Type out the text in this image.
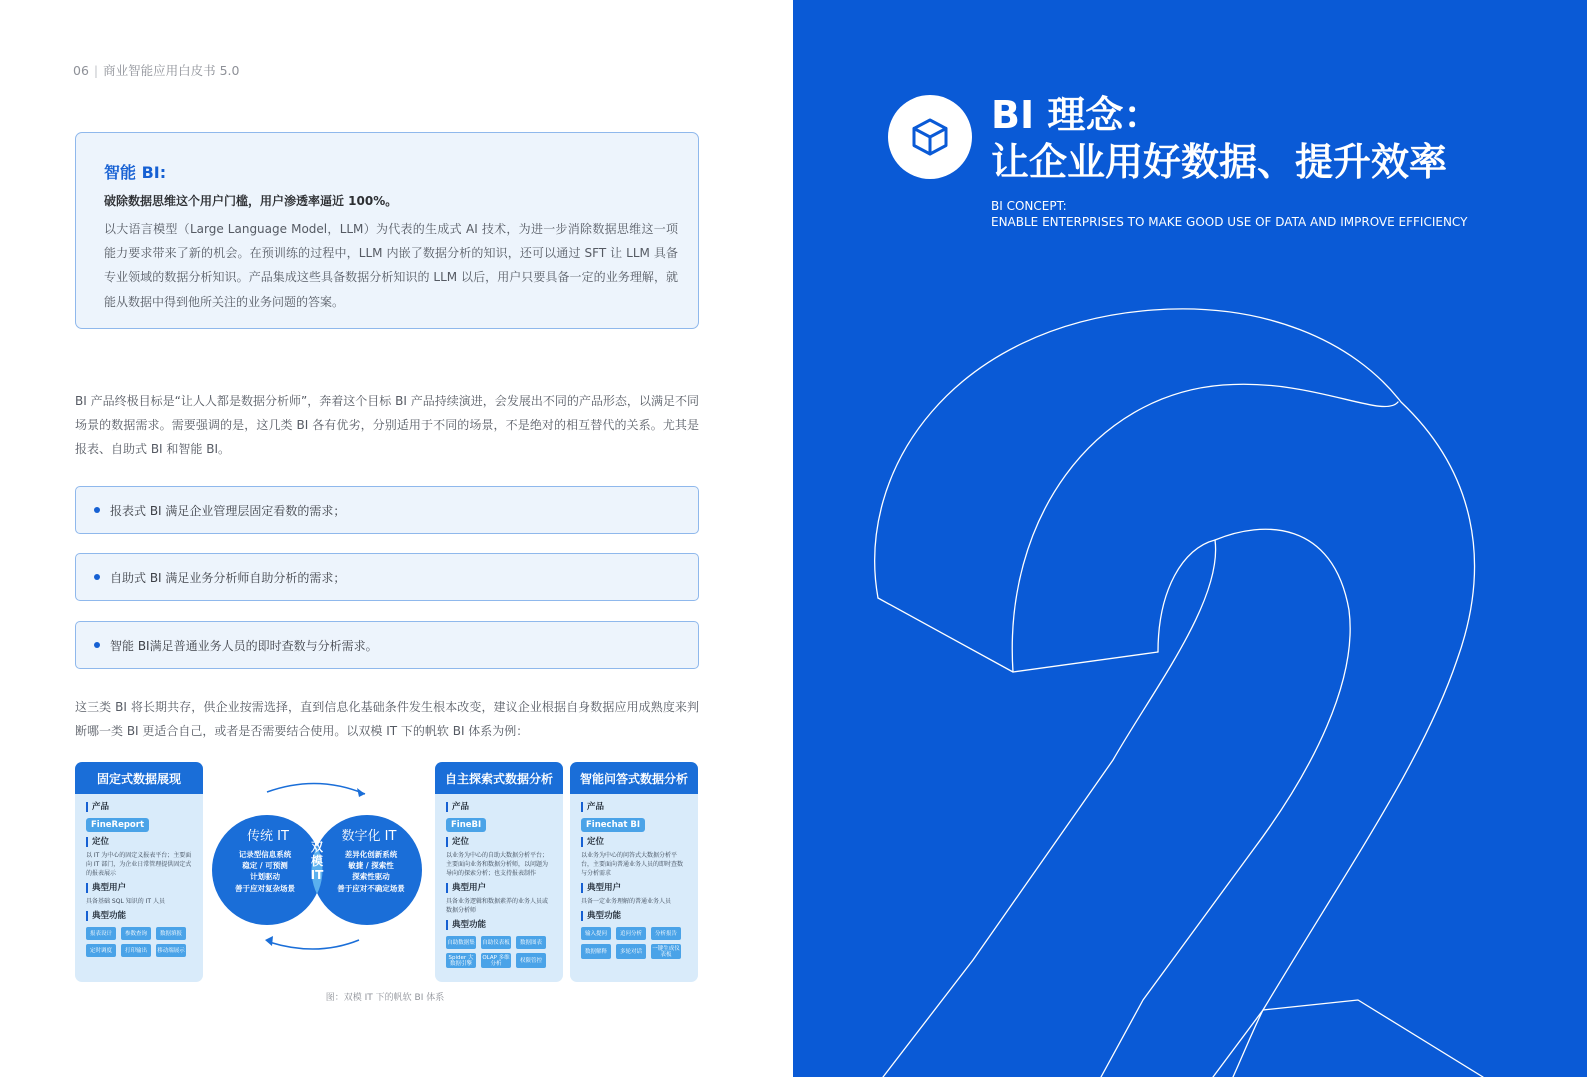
06 | 商业智能应用白皮书 5.0
智能 BI:
破除数据思维这个用户门槛，用户渗透率逼近 100%。
以大语言模型（Large Language Model，LLM）为代表的生成式 AI 技术，为进一步消除数据思维这一项能力要求带来了新的机会。在预训练的过程中，LLM 内嵌了数据分析的知识，还可以通过 SFT 让 LLM 具备专业领域的数据分析知识。产品集成这些具备数据分析知识的 LLM 以后，用户只要具备一定的业务理解，就能从数据中得到他所关注的业务问题的答案。
BI 产品终极目标是“让人人都是数据分析师”，奔着这个目标 BI 产品持续演进，会发展出不同的产品形态，以满足不同场景的数据需求。需要强调的是，这几类 BI 各有优劣，分别适用于不同的场景，不是绝对的相互替代的关系。尤其是报表、自助式 BI 和智能 BI。
报表式 BI 满足企业管理层固定看数的需求；
自助式 BI 满足业务分析师自助分析的需求；
智能 BI满足普通业务人员的即时查数与分析需求。
这三类 BI 将长期共存，供企业按需选择，直到信息化基础条件发生根本改变，建议企业根据自身数据应用成熟度来判断哪一类 BI 更适合自己，或者是否需要结合使用。以双模 IT 下的帆软 BI 体系为例：
固定式数据展现
产品
FineReport
定位
以 IT 为中心的固定义报表平台；主要面向 IT 部门，为企业日常管理提供固定式的报表展示
典型用户
具备基础 SQL 知识的 IT 人员
典型功能
报表设计	参数查询	数据填报
定时调度	打印输出	移动端展示
传统 IT
记录型信息系统
稳定 / 可预测
计划驱动
善于应对复杂场景
数字化 IT
差异化创新系统
敏捷 / 探索性
探索性驱动
善于应对不确定场景
双
模
IT
自主探索式数据分析
产品
FineBI
定位
以业务为中心的自助大数据分析平台；主要面向业务和数据分析师，以问题为导向的探索分析；也支持报表制作
典型用户
具备业务逻辑和数据素养的业务人员或数据分析师
典型功能
自助数据集 自助仪表板	数据图表
Spider 大数据引擎
OLAP 多维分析	权限管控
智能问答式数据分析
产品
Finechat BI
定位
以业务为中心的问答式大数据分析平台，主要面向普通业务人员的即时查数与分析需求
典型用户
具备一定业务理解的普通业务人员
典型功能
输入提问	追问分析	分析报告
数据解释	多轮对话	一键生成仪表板
图：双模 IT 下的帆软 BI 体系
BI 理念：
让企业用好数据、提升效率
BI CONCEPT:
ENABLE ENTERPRISES TO MAKE GOOD USE OF DATA AND IMPROVE EFFICIENCY
